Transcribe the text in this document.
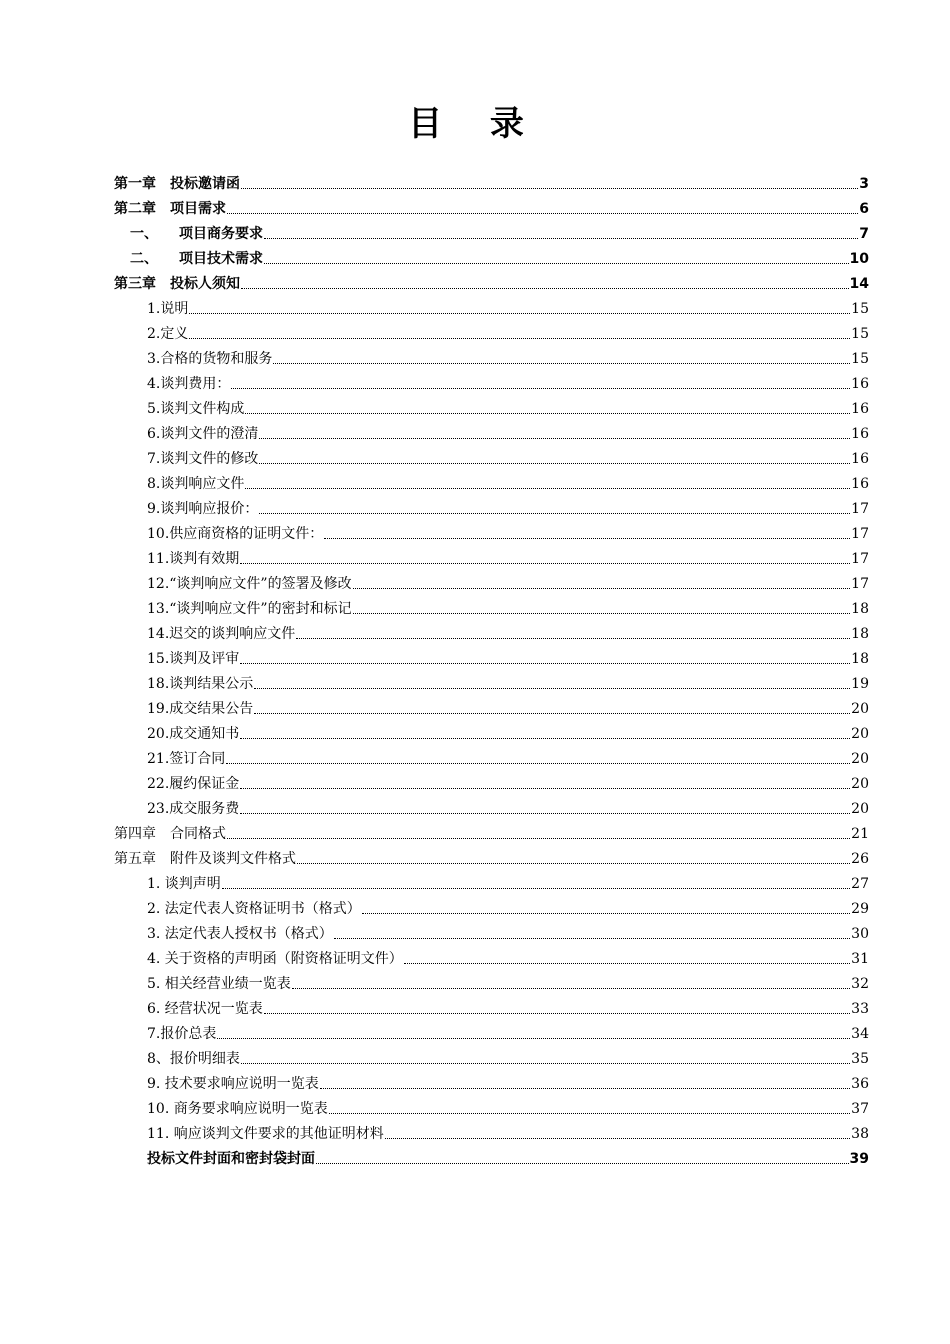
目 录
第一章　投标邀请函	3
第二章　项目需求	6
一、　　项目商务要求	7
二、　　项目技术需求	10
第三章　投标人须知	14
1.说明	15
2.定义	15
3.合格的货物和服务	15
4.谈判费用：	16
5.谈判文件构成	16
6.谈判文件的澄清	16
7.谈判文件的修改	16
8.谈判响应文件	16
9.谈判响应报价：	17
10.供应商资格的证明文件：	17
11.谈判有效期	17
12.“谈判响应文件”的签署及修改	17
13.“谈判响应文件”的密封和标记	18
14.迟交的谈判响应文件	18
15.谈判及评审	18
18.谈判结果公示	19
19.成交结果公告	20
20.成交通知书	20
21.签订合同	20
22.履约保证金	20
23.成交服务费	20
第四章　合同格式	21
第五章　附件及谈判文件格式	26
1. 谈判声明	27
2. 法定代表人资格证明书（格式）	29
3. 法定代表人授权书（格式）	30
4. 关于资格的声明函（附资格证明文件）	31
5. 相关经营业绩一览表	32
6. 经营状况一览表	33
7.报价总表	34
8、报价明细表	35
9. 技术要求响应说明一览表	36
10. 商务要求响应说明一览表	37
11. 响应谈判文件要求的其他证明材料	38
投标文件封面和密封袋封面	39
